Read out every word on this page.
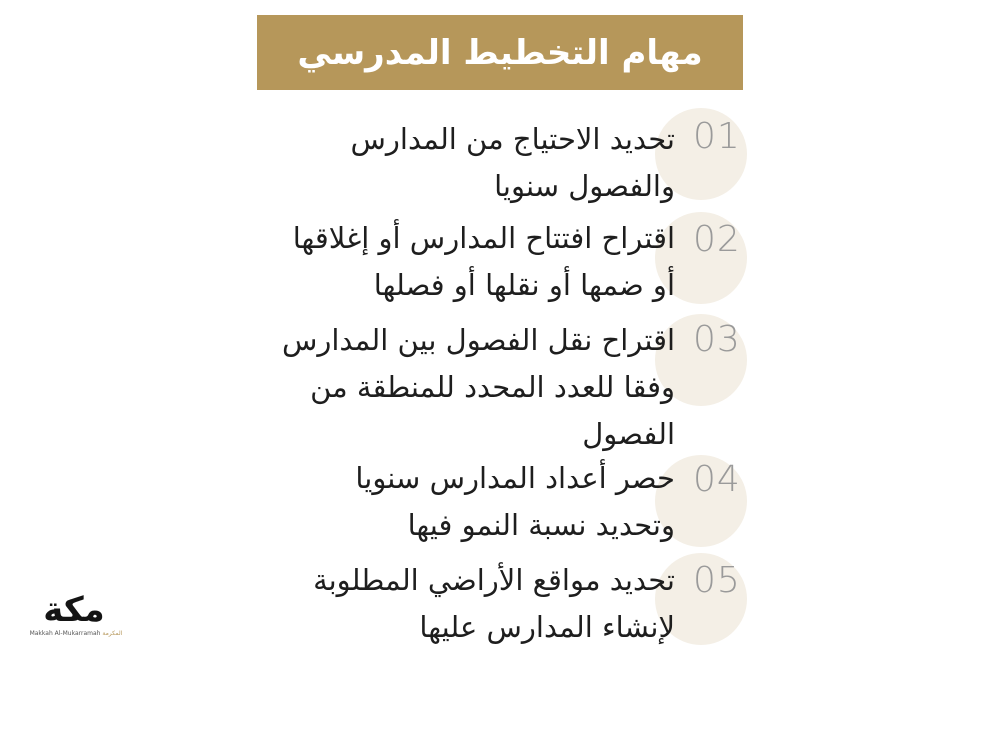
مهام التخطيط المدرسي
01
تحديد الاحتياج من المدارس
والفصول سنويا
02
اقتراح افتتاح المدارس أو إغلاقها
أو ضمها أو نقلها أو فصلها
03
اقتراح نقل الفصول بين المدارس
وفقا للعدد المحدد للمنطقة من
الفصول
04
حصر أعداد المدارس سنويا
وتحديد نسبة النمو فيها
05
تحديد مواقع الأراضي المطلوبة
لإنشاء المدارس عليها
مكة
Makkah Al-Mukarramah المكرمة
